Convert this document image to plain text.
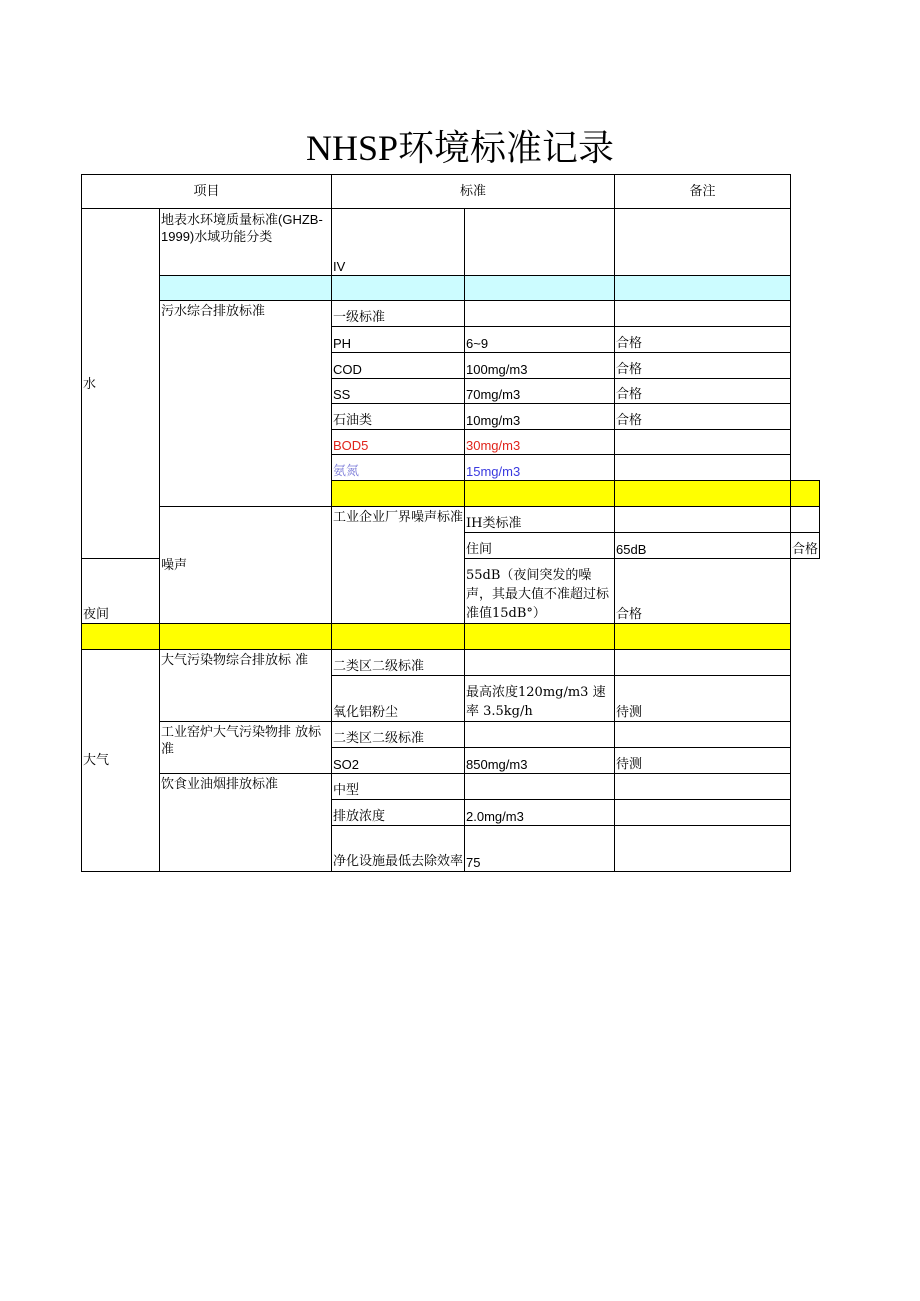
NHSP环境标准记录
项目		标准		备注	
水	地表水环境质量标准(GHZB-1999)水域功能分类	IV			

	污水综合排放标准	一级标准			
		PH	6~9	合格	
		COD	100mg/m3	合格	
		SS	70mg/m3	合格	
		石油类	10mg/m3	合格	
		BOD5	30mg/m3		
		氨氮	15mg/m3		

	噪声	工业企业厂界噪声标准	IH类标准		
			住间	65dB	合格
夜间			55dB（夜间突发的噪声，其最大值不准超过标准值15dB°）	合格	

大气	大气污染物综合排放标 准	二类区二级标准			
		氧化铝粉尘	最高浓度120mg/m3 速率 3.5kg/h	待测	
	工业窑炉大气污染物排 放标准	二类区二级标准			
		SO2	850mg/m3	待测	
	饮食业油烟排放标准	中型			
		排放浓度	2.0mg/m3		
		净化设施最低去除效率	75		
